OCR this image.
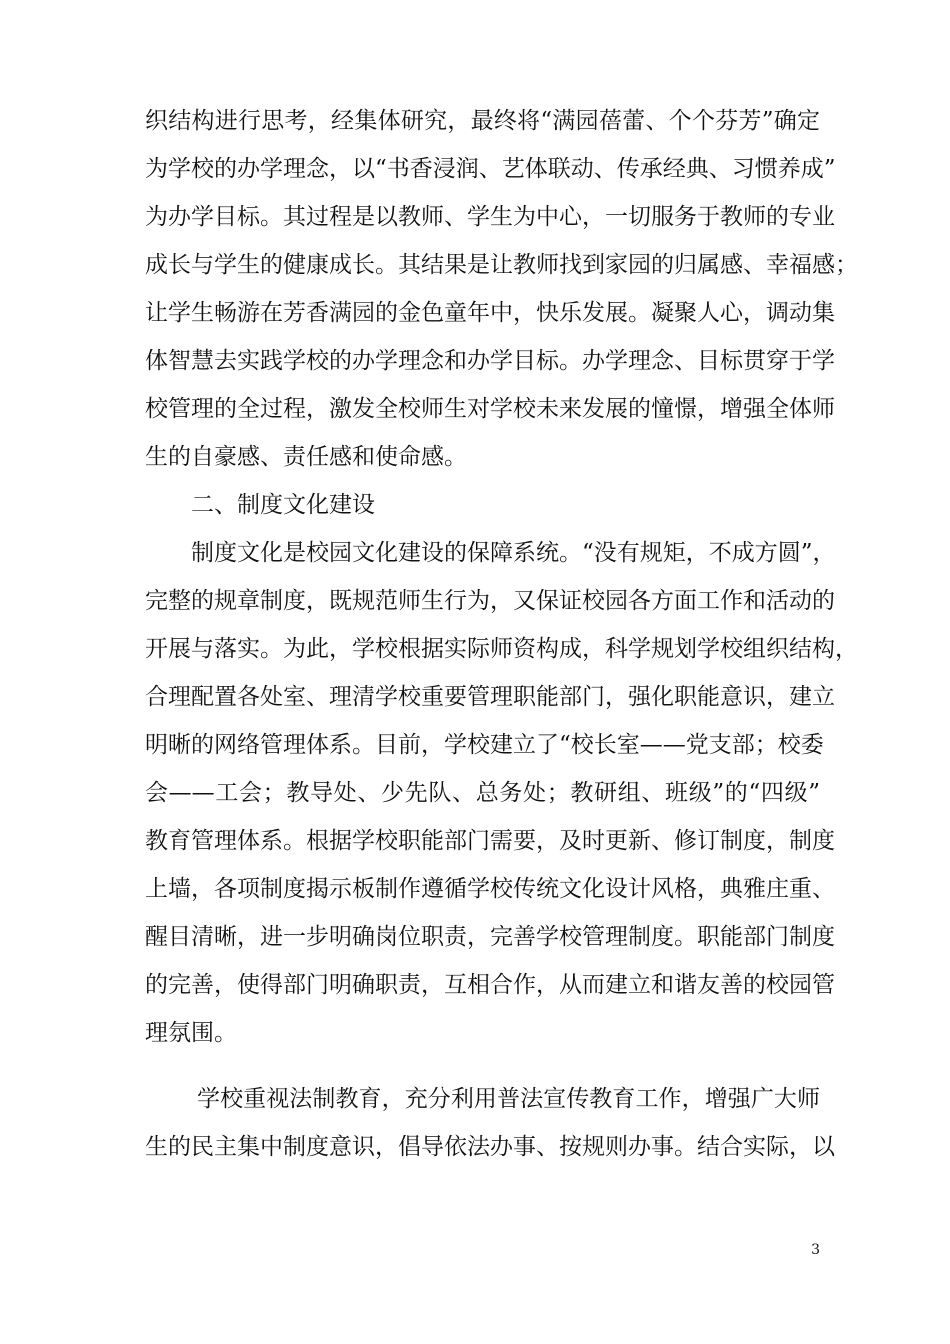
织结构进行思考，经集体研究，最终将“满园蓓蕾、个个芬芳”确定
为学校的办学理念，以“书香浸润、艺体联动、传承经典、习惯养成”
为办学目标。其过程是以教师、学生为中心，一切服务于教师的专业
成长与学生的健康成长。其结果是让教师找到家园的归属感、幸福感；
让学生畅游在芳香满园的金色童年中，快乐发展。凝聚人心，调动集
体智慧去实践学校的办学理念和办学目标。办学理念、目标贯穿于学
校管理的全过程，激发全校师生对学校未来发展的憧憬，增强全体师
生的自豪感、责任感和使命感。
二、制度文化建设
制度文化是校园文化建设的保障系统。“没有规矩，不成方圆”，
完整的规章制度，既规范师生行为，又保证校园各方面工作和活动的
开展与落实。为此，学校根据实际师资构成，科学规划学校组织结构，
合理配置各处室、理清学校重要管理职能部门，强化职能意识，建立
明晰的网络管理体系。目前，学校建立了“校长室——党支部；校委
会——工会；教导处、少先队、总务处；教研组、班级”的“四级”
教育管理体系。根据学校职能部门需要，及时更新、修订制度，制度
上墙，各项制度揭示板制作遵循学校传统文化设计风格，典雅庄重、
醒目清晰，进一步明确岗位职责，完善学校管理制度。职能部门制度
的完善，使得部门明确职责，互相合作，从而建立和谐友善的校园管
理氛围。
学校重视法制教育，充分利用普法宣传教育工作，增强广大师
生的民主集中制度意识，倡导依法办事、按规则办事。结合实际，以
3
